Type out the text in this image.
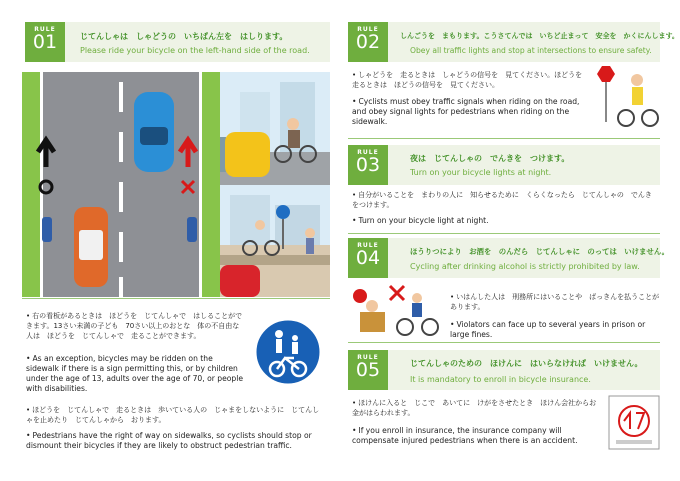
RULE
01	じてんしゃは　しゃどうの　いちばん左を　はしります。
Please ride your bicycle on the left-hand side of the road.
• 右の看板があるときは　ほどうを　じてんしゃで　はしることができます。13さい未満の子ども　70さい以上のおとな　体の不自由な人は　ほどうを　じてんしゃで　走ることができます。
• As an exception, bicycles may be ridden on the sidewalk if there is a sign permitting this, or by children under the age of 13, adults over the age of 70, or people with disabilities.
• ほどうを　じてんしゃで　走るときは　歩いている人の　じゃまをしないように　じてんしゃを止めたり　じてんしゃから　おります。
• Pedestrians have the right of way on sidewalks, so cyclists should stop or dismount their bicycles if they are likely to obstruct pedestrian traffic.
RULE
02	しんごうを　まもります。こうさてんでは　いちど止まって　安全を　かくにんします。
Obey all traffic lights and stop at intersections to ensure safety.
• しゃどうを　走るときは　しゃどうの信号を　見てください。ほどうを　走るときは　ほどうの信号を　見てください。
• Cyclists must obey traffic signals when riding on the road, and obey signal lights for pedestrians when riding on the sidewalk.
RULE
03	夜は　じてんしゃの　でんきを　つけます。
Turn on your bicycle lights at night.
• 自分がいることを　まわりの人に　知らせるために　くらくなったら　じてんしゃの　でんきをつけます。
• Turn on your bicycle light at night.
RULE
04	ほうりつにより　お酒を　のんだら　じてんしゃに　のっては　いけません。
Cycling after drinking alcohol is strictly prohibited by law.
• いはんした人は　刑務所にはいることや　ばっきんを払うことがあります。
• Violators can face up to several years in prison or large fines.
RULE
05	じてんしゃのための　ほけんに　はいらなければ　いけません。
It is mandatory to enroll in bicycle insurance.
• ほけんに入ると　じこで　あいてに　けがをさせたとき　ほけん会社からお金がはらわれます。
• If you enroll in insurance, the insurance company will compensate injured pedestrians when there is an accident.
